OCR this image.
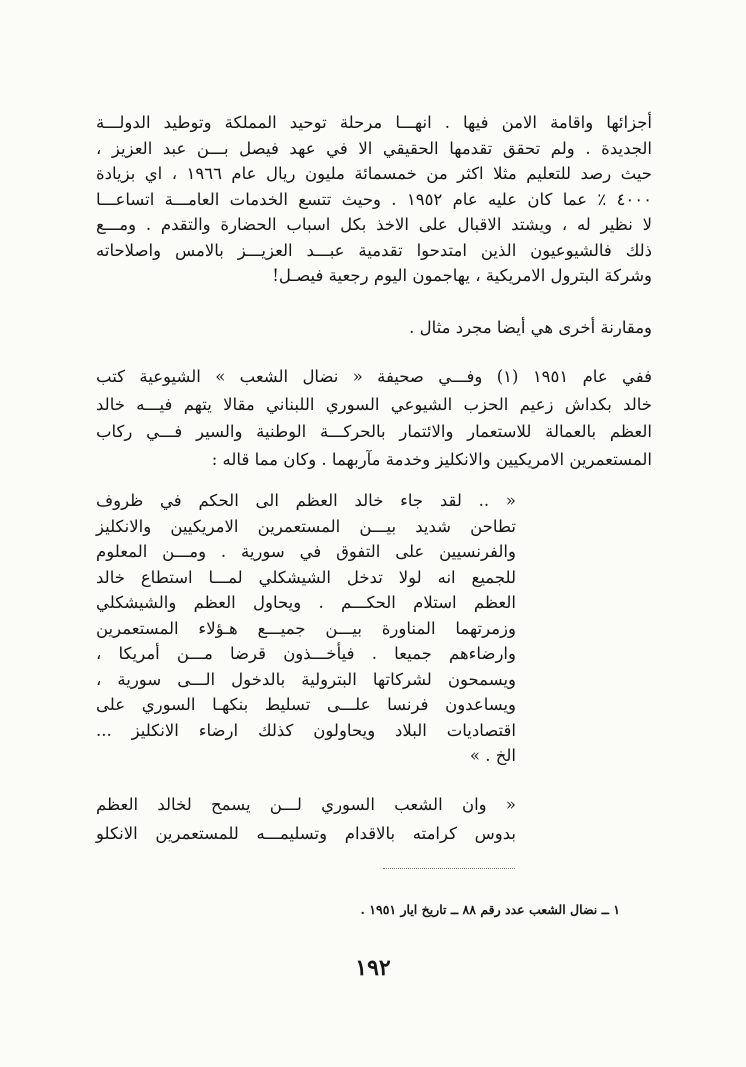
أجزائها واقامة الامن فيها . انهـــا مرحلة توحيد المملكة وتوطيد الدولـــة
الجديدة . ولم تحقق تقدمها الحقيقي الا في عهد فيصل بـــن عبد العزيز ،
حيث رصد للتعليم مثلا اكثر من خمسمائة مليون ريال عام ١٩٦٦ ، اي بزيادة
٤٠٠٠ ٪ عما كان عليه عام ١٩٥٢ . وحيث تتسع الخدمات العامـــة اتساعـــا
لا نظير له ، ويشتد الاقبال على الاخذ بكل اسباب الحضارة والتقدم . ومـــع
ذلك فالشيوعيون الذين امتدحوا تقدمية عبـــد العزيـــز بالامس واصلاحاته
وشركة البترول الامريكية ، يهاجمون اليوم رجعية فيصـل!
ومقارنة أخرى هي أيضا مجرد مثال .
ففي عام ١٩٥١ (١) وفـــي صحيفة « نضال الشعب » الشيوعية كتب
خالد بكداش زعيم الحزب الشيوعي السوري اللبناني مقالا يتهم فيـــه خالد
العظم بالعمالة للاستعمار والائتمار بالحركـــة الوطنية والسير فـــي ركاب
المستعمرين الامريكيين والانكليز وخدمة مآربهما . وكان مما قاله :
« .. لقد جاء خالد العظم الى الحكم في ظروف
تطاحن شديد بيـــن المستعمرين الامريكيين والانكليز
والفرنسيين على التفوق في سورية . ومـــن المعلوم
للجميع انه لولا تدخل الشيشكلي لمـــا استطاع خالد
العظم استلام الحكـــم . ويحاول العظم والشيشكلي
وزمرتهما المناورة بيـــن جميـــع هـؤلاء المستعمرين
وارضاءهم جميعا . فيأخـــذون قرضا مـــن أمريكا ،
ويسمحون لشركاتها البترولية بالدخول الـــى سورية ،
ويساعدون فرنسا علـــى تسليط بنكهـا السوري على
اقتصاديات البلاد ويحاولون كذلك ارضاء الانكليز ...
الخ . »
« وان الشعب السوري لـــن يسمح لخالد العظم
بدوس كرامته بالاقدام وتسليمـــه للمستعمرين الانكلو
١ ــ نضال الشعب عدد رقم ٨٨ ــ تاريخ ايار ١٩٥١ .
١٩٢
